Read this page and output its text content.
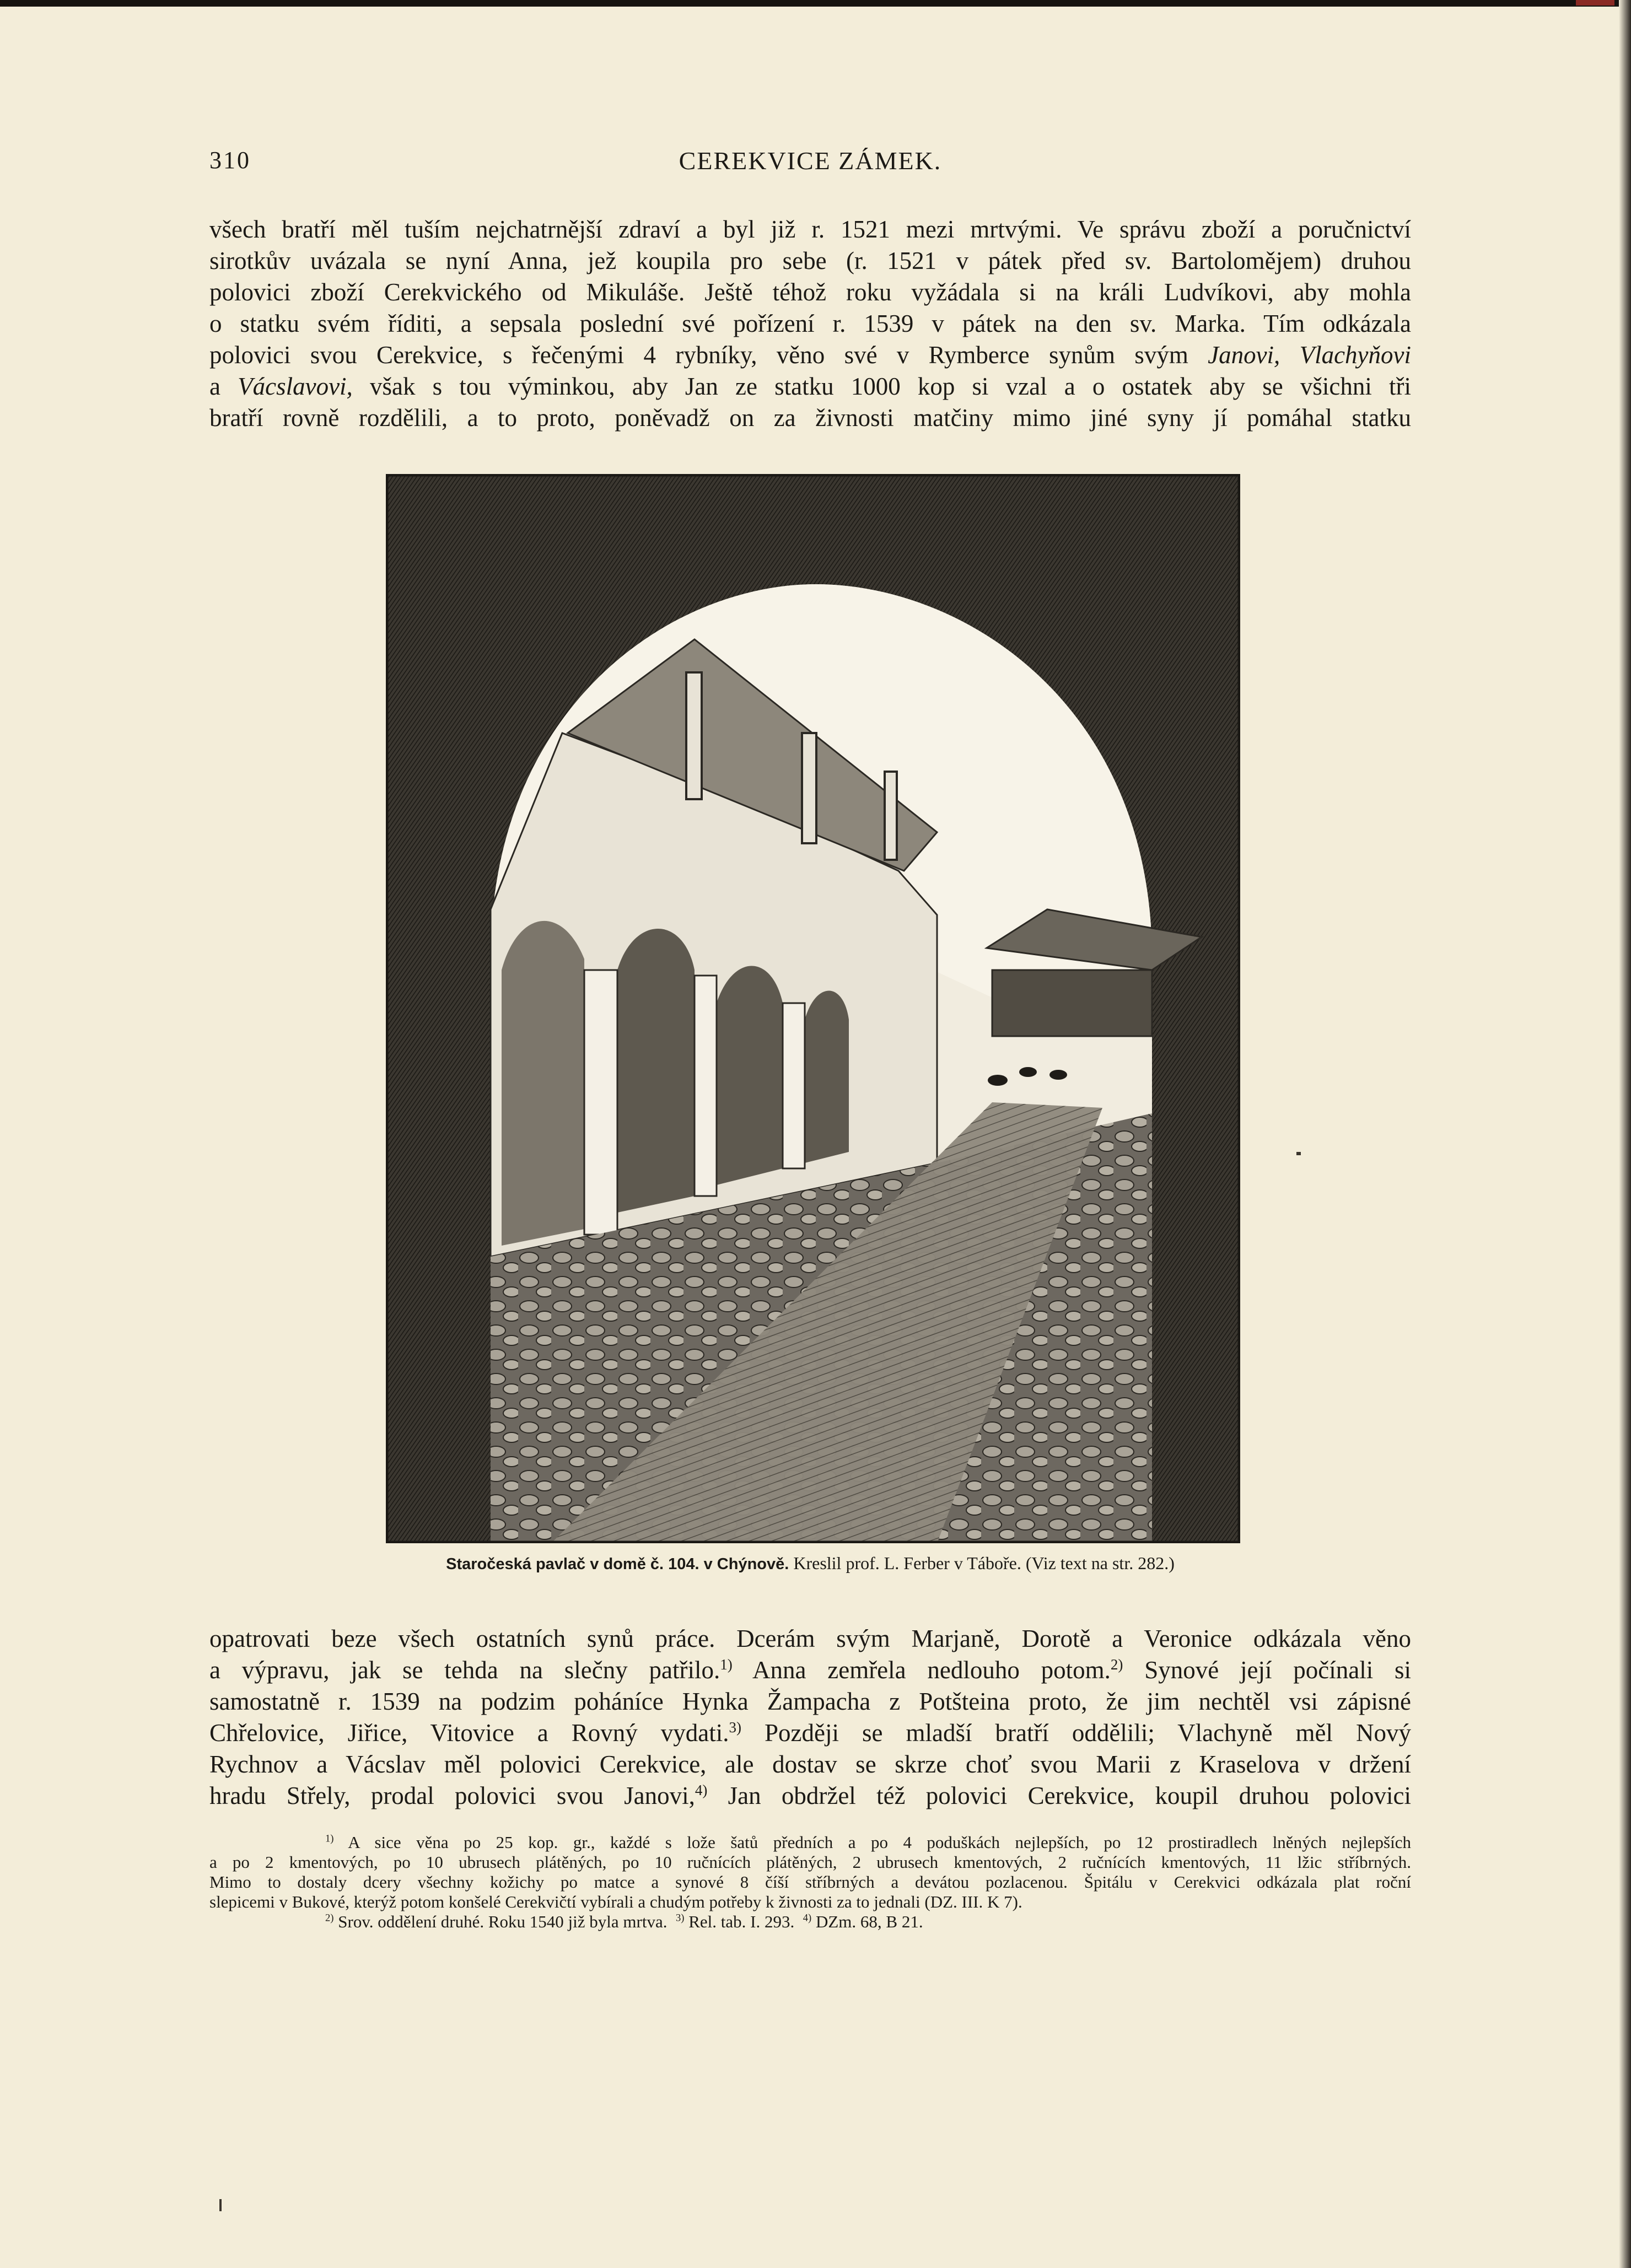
310	CEREKVICE ZÁMEK.
všech bratří měl tuším nejchatrnější zdraví a byl již r. 1521 mezi mrtvými. Ve správu zboží a poručnictví
sirotkův uvázala se nyní Anna, jež koupila pro sebe (r. 1521 v pátek před sv. Bartolomějem) druhou
polovici zboží Cerekvického od Mikuláše. Ještě téhož roku vyžádala si na králi Ludvíkovi, aby mohla
o statku svém říditi, a sepsala poslední své pořízení r. 1539 v pátek na den sv. Marka. Tím odkázala
polovici svou Cerekvice, s řečenými 4 rybníky, věno své v Rymberce synům svým Janovi, Vlachyňovi
a Vácslavovi, však s tou výminkou, aby Jan ze statku 1000 kop si vzal a o ostatek aby se všichni tři
bratří rovně rozdělili, a to proto, poněvadž on za živnosti matčiny mimo jiné syny jí pomáhal statku
Staročeská pavlač v domě č. 104. v Chýnově. Kreslil prof. L. Ferber v Táboře. (Viz text na str. 282.)
opatrovati beze všech ostatních synů práce. Dcerám svým Marjaně, Dorotě a Veronice odkázala věno
a výpravu, jak se tehda na slečny patřilo.$^{1)}$ Anna zemřela nedlouho potom.$^{2)}$ Synové její počínali si
samostatně r. 1539 na podzim poháníce Hynka Žampacha z Potšteina proto, že jim nechtěl vsi zápisné
Chřelovice, Jiřice, Vitovice a Rovný vydati.$^{3)}$ Později se mladší bratří oddělili; Vlachyně měl Nový
Rychnov a Vácslav měl polovici Cerekvice, ale dostav se skrze choť svou Marii z Kraselova v držení
hradu Střely, prodal polovici svou Janovi,$^{4)}$ Jan obdržel též polovici Cerekvice, koupil druhou polovici
$^{1)}$ A sice věna po 25 kop. gr., každé s lože šatů předních a po 4 poduškách nejlepších, po 12 prostiradlech lněných nejlepších
a po 2 kmentových, po 10 ubrusech plátěných, po 10 ručnících plátěných, 2 ubrusech kmentových, 2 ručnících kmentových, 11 lžic stříbrných.
Mimo to dostaly dcery všechny kožichy po matce a synové 8 číší stříbrných a devátou pozlacenou. Špitálu v Cerekvici odkázala plat roční
slepicemi v Bukové, kterýž potom konšelé Cerekvičtí vybírali a chudým potřeby k živnosti za to jednali (DZ. III. K 7).
$^{2)}$ Srov. oddělení druhé. Roku 1540 již byla mrtva. $^{3)}$ Rel. tab. I. 293. $^{4)}$ DZm. 68, B 21.
